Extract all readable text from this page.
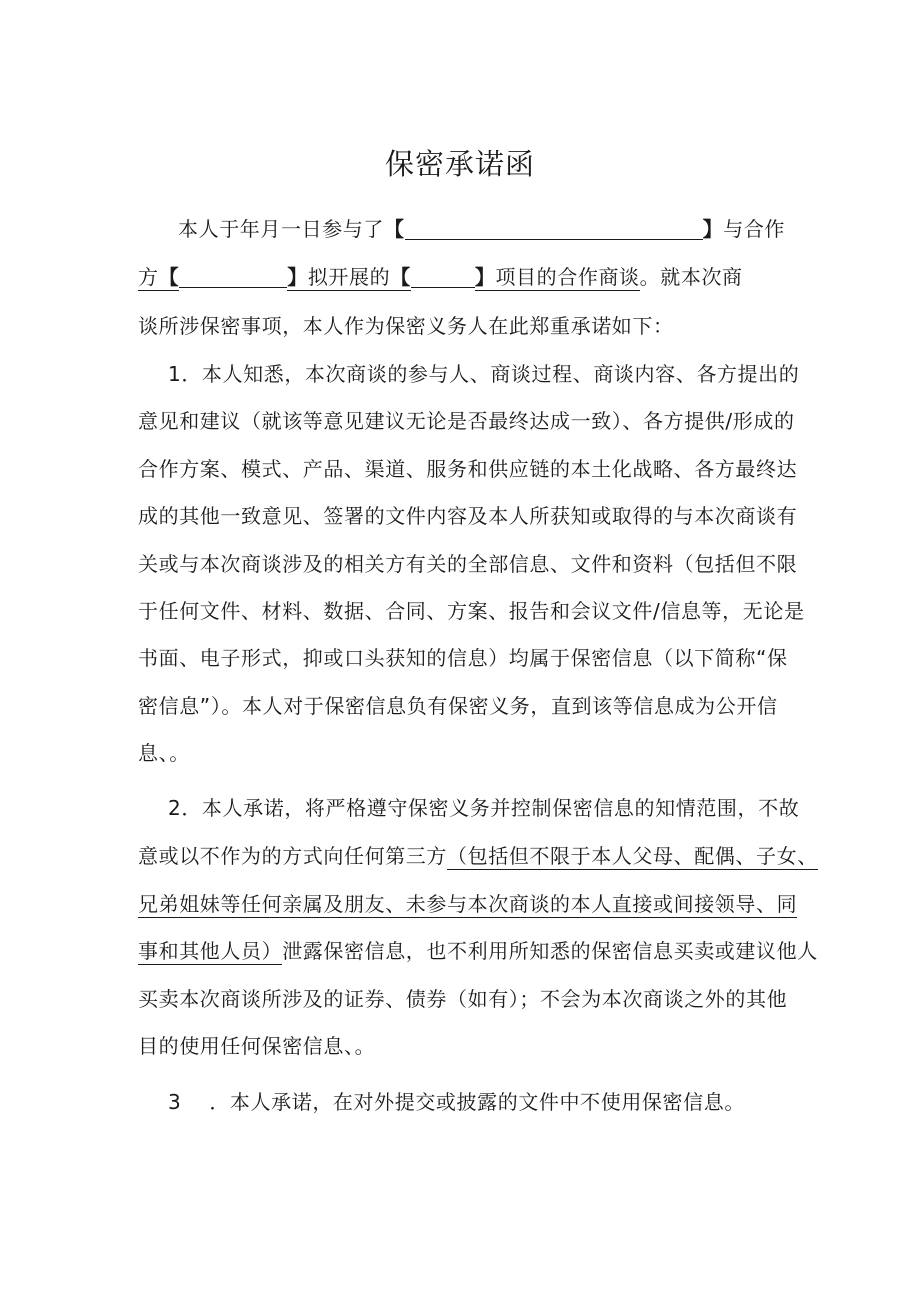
保密承诺函
本人于年月一日参与了【	】与合作
方【	】拟开展的【	】项目的合作商谈。就本次商
谈所涉保密事项，本人作为保密义务人在此郑重承诺如下：
1．本人知悉，本次商谈的参与人、商谈过程、商谈内容、各方提出的
意见和建议（就该等意见建议无论是否最终达成一致）、各方提供/形成的
合作方案、模式、产品、渠道、服务和供应链的本土化战略、各方最终达
成的其他一致意见、签署的文件内容及本人所获知或取得的与本次商谈有
关或与本次商谈涉及的相关方有关的全部信息、文件和资料（包括但不限
于任何文件、材料、数据、合同、方案、报告和会议文件/信息等，无论是
书面、电子形式，抑或口头获知的信息）均属于保密信息（以下简称“保
密信息”）。本人对于保密信息负有保密义务，直到该等信息成为公开信
息、。
2．本人承诺，将严格遵守保密义务并控制保密信息的知情范围，不故
意或以不作为的方式向任何第三方（包括但不限于本人父母、配偶、子女、
兄弟姐妹等任何亲属及朋友、未参与本次商谈的本人直接或间接领导、同
事和其他人员）泄露保密信息，也不利用所知悉的保密信息买卖或建议他人
买卖本次商谈所涉及的证券、债券（如有）；不会为本次商谈之外的其他
目的使用任何保密信息、。
3 ．本人承诺，在对外提交或披露的文件中不使用保密信息。
